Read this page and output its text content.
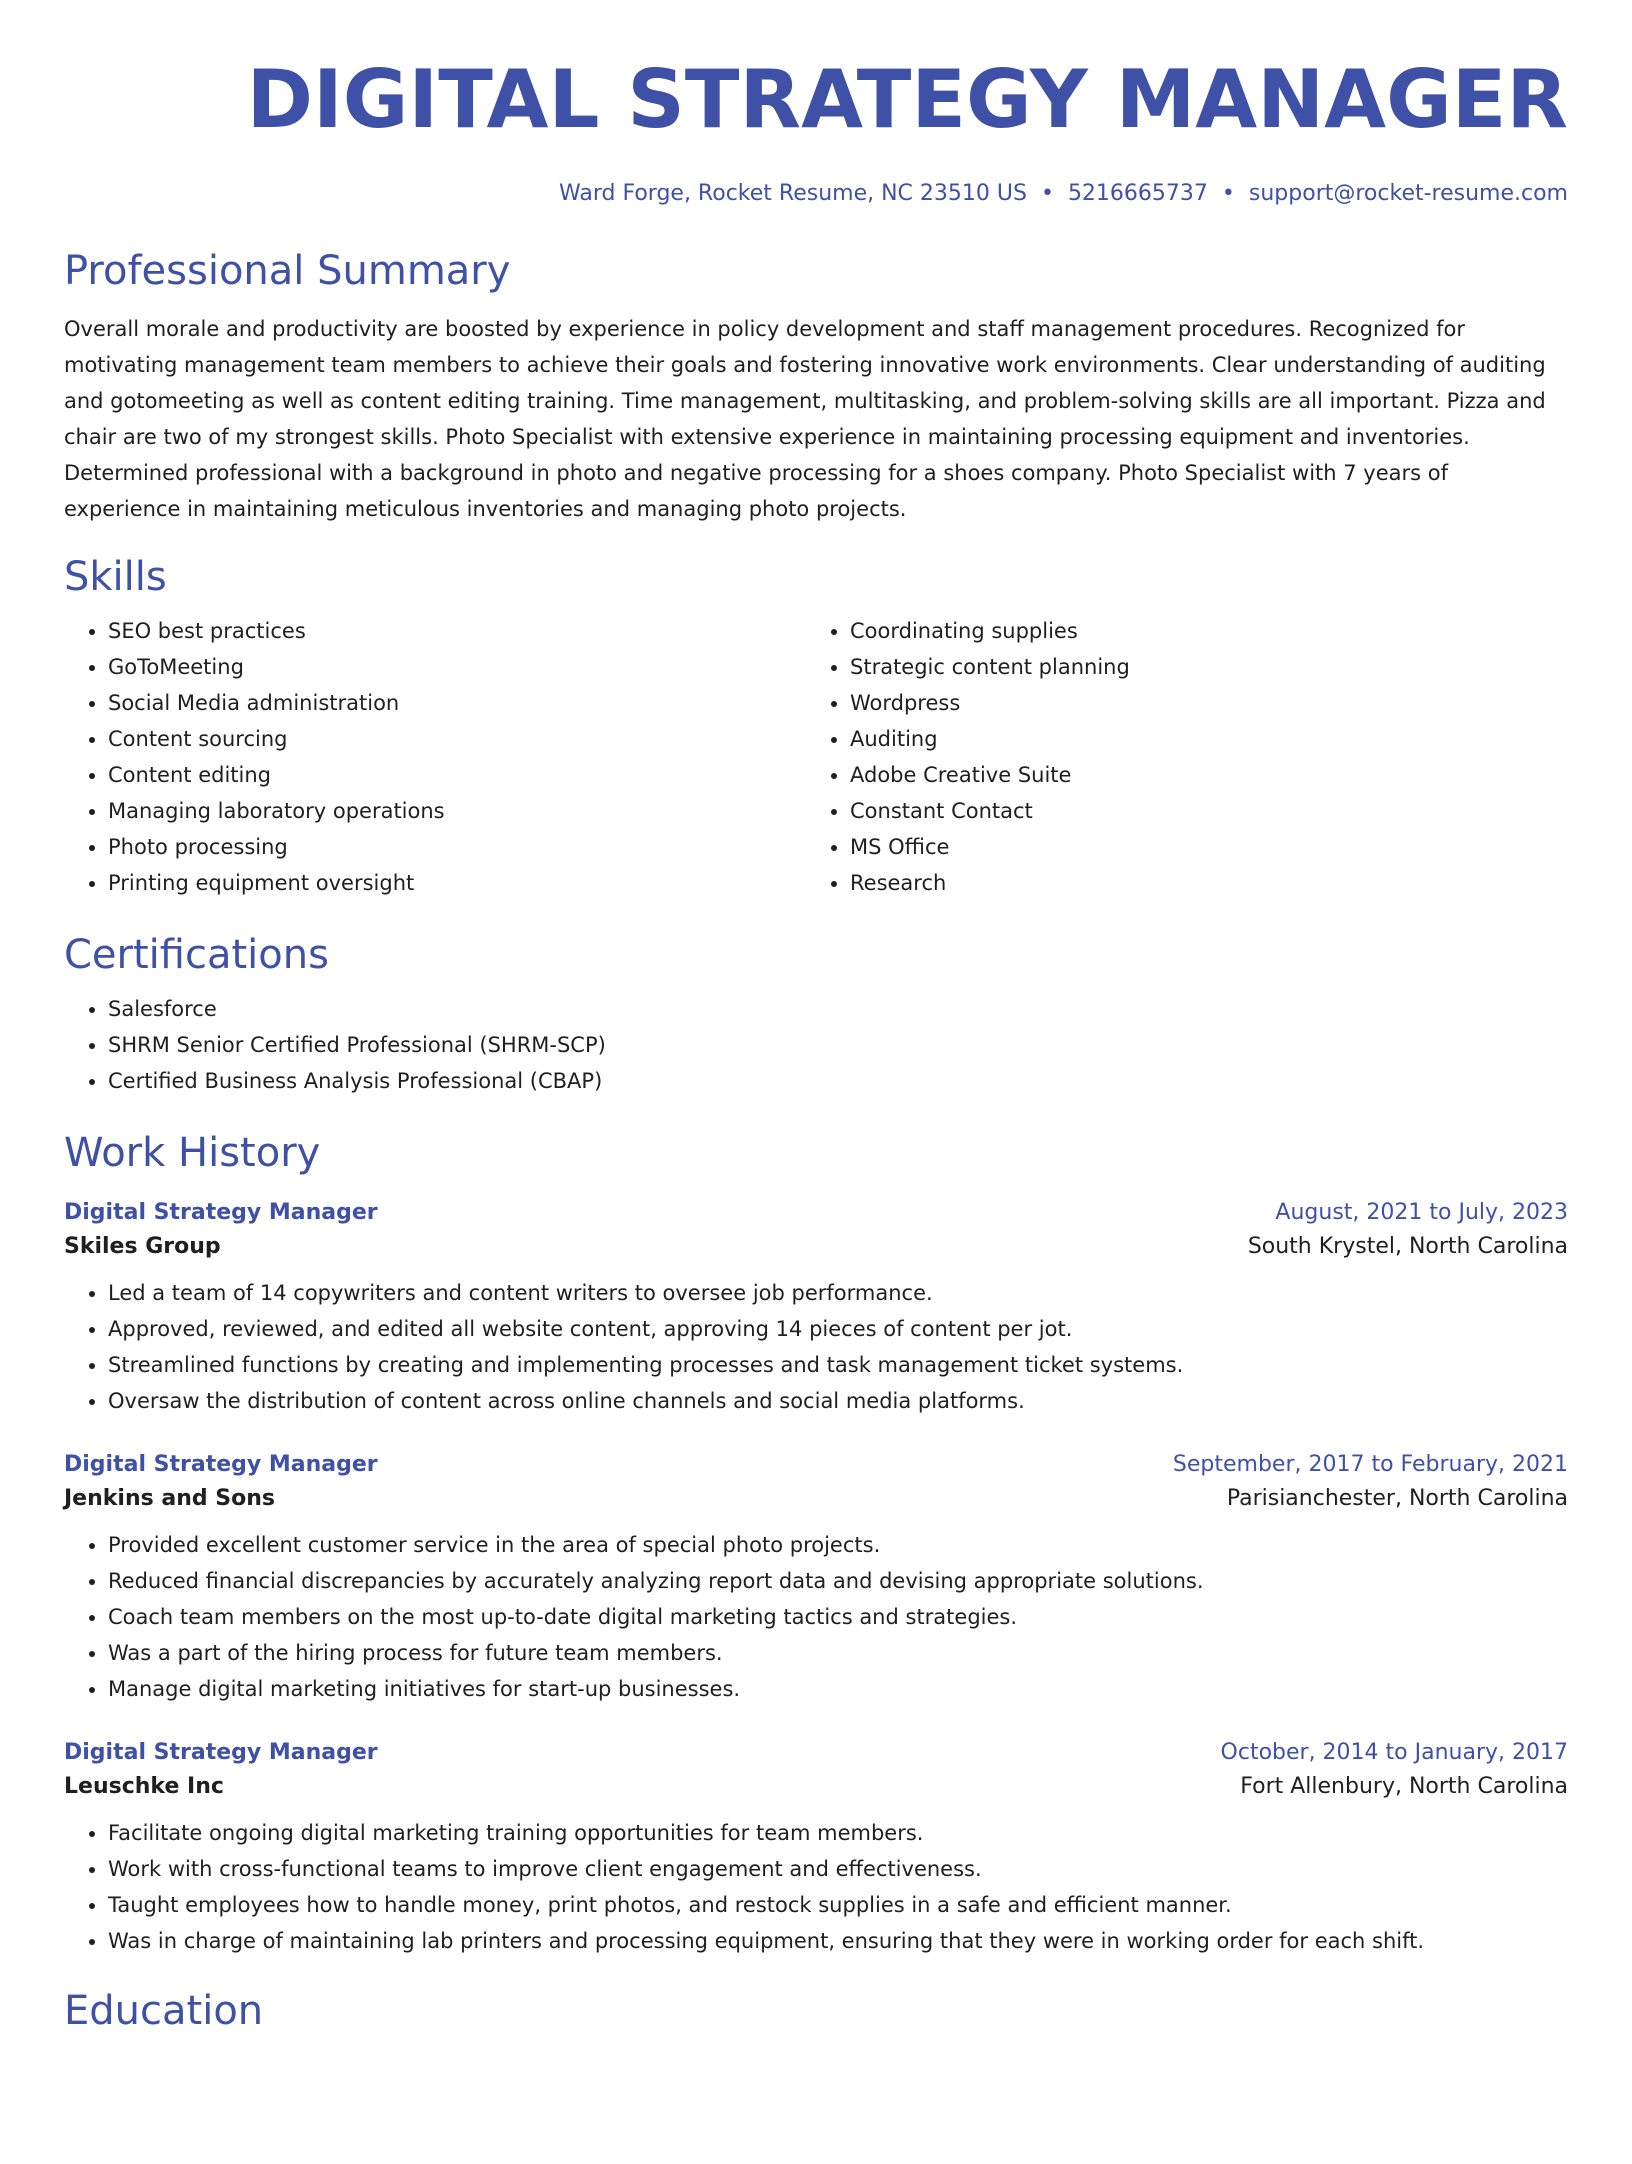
DIGITAL STRATEGY MANAGER
Ward Forge, Rocket Resume, NC 23510 US • 5216665737 • support@rocket-resume.com
Professional Summary

Overall morale and productivity are boosted by experience in policy development and staff management procedures. Recognized for motivating management team members to achieve their goals and fostering innovative work environments. Clear understanding of auditing and gotomeeting as well as content editing training. Time management, multitasking, and problem-solving skills are all important. Pizza and chair are two of my strongest skills. Photo Specialist with extensive experience in maintaining processing equipment and inventories. Determined professional with a background in photo and negative processing for a shoes company. Photo Specialist with 7 years of experience in maintaining meticulous inventories and managing photo projects.

Skills
• SEO best practices
• GoToMeeting
• Social Media administration
• Content sourcing
• Content editing
• Managing laboratory operations
• Photo processing
• Printing equipment oversight
• Coordinating supplies
• Strategic content planning
• Wordpress
• Auditing
• Adobe Creative Suite
• Constant Contact
• MS Office
• Research
Certifications
• Salesforce
• SHRM Senior Certified Professional (SHRM-SCP)
• Certified Business Analysis Professional (CBAP)
Work History
Digital Strategy Manager	August, 2021 to July, 2023
Skiles Group	South Krystel, North Carolina
• Led a team of 14 copywriters and content writers to oversee job performance.
• Approved, reviewed, and edited all website content, approving 14 pieces of content per jot.
• Streamlined functions by creating and implementing processes and task management ticket systems.
• Oversaw the distribution of content across online channels and social media platforms.
Digital Strategy Manager	September, 2017 to February, 2021
Jenkins and Sons	Parisianchester, North Carolina
• Provided excellent customer service in the area of special photo projects.
• Reduced financial discrepancies by accurately analyzing report data and devising appropriate solutions.
• Coach team members on the most up-to-date digital marketing tactics and strategies.
• Was a part of the hiring process for future team members.
• Manage digital marketing initiatives for start-up businesses.
Digital Strategy Manager	October, 2014 to January, 2017
Leuschke Inc	Fort Allenbury, North Carolina
• Facilitate ongoing digital marketing training opportunities for team members.
• Work with cross-functional teams to improve client engagement and effectiveness.
• Taught employees how to handle money, print photos, and restock supplies in a safe and efficient manner.
• Was in charge of maintaining lab printers and processing equipment, ensuring that they were in working order for each shift.
Education
